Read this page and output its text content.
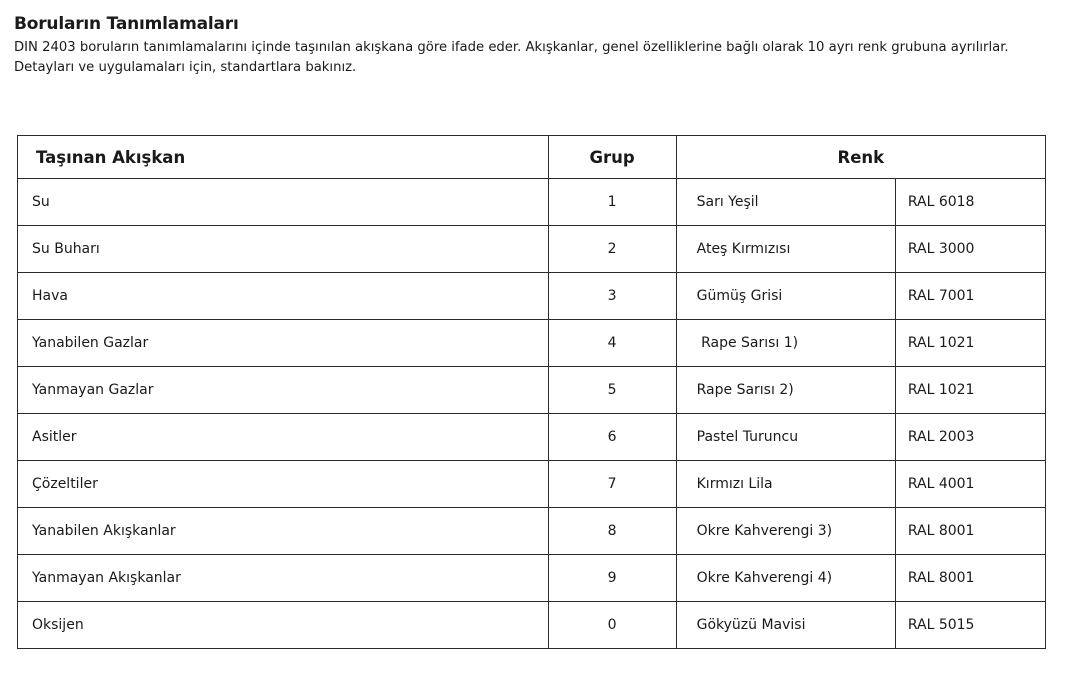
Boruların Tanımlamaları

DIN 2403 boruların tanımlamalarını içinde taşınılan akışkana göre ifade eder. Akışkanlar, genel özelliklerine bağlı olarak 10 ayrı renk grubuna ayrılırlar. Detayları ve uygulamaları için, standartlara bakınız.

Taşınan Akışkan	Grup	Renk	
Su	1	Sarı Yeşil	RAL 6018
Su Buharı	2	Ateş Kırmızısı	RAL 3000
Hava	3	Gümüş Grisi	RAL 7001
Yanabilen Gazlar	4	Rape Sarısı 1)	RAL 1021
Yanmayan Gazlar	5	Rape Sarısı 2)	RAL 1021
Asitler	6	Pastel Turuncu	RAL 2003
Çözeltiler	7	Kırmızı Lila	RAL 4001
Yanabilen Akışkanlar	8	Okre Kahverengi 3)	RAL 8001
Yanmayan Akışkanlar	9	Okre Kahverengi 4)	RAL 8001
Oksijen	0	Gökyüzü Mavisi	RAL 5015
